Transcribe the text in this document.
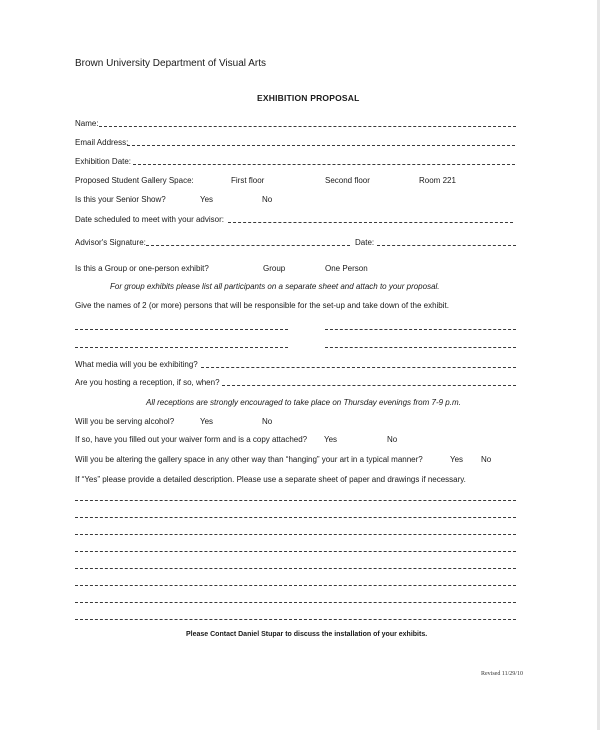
Brown University Department of Visual Arts
EXHIBITION PROPOSAL
Name:
Email Address:
Exhibition Date:
Proposed Student Gallery Space:	First floor	Second floor	Room 221
Is this your Senior Show?	Yes	No
Date scheduled to meet with your advisor:
Advisor's Signature:	Date:
Is this a Group or one-person exhibit?	Group	One Person
For group exhibits please list all participants on a separate sheet and attach to your proposal.
Give the names of 2 (or more) persons that will be responsible for the set-up and take down of the exhibit.
What media will you be exhibiting?
Are you hosting a reception, if so, when?
All receptions are strongly encouraged to take place on Thursday evenings from 7-9 p.m.
Will you be serving alcohol?	Yes	No
If so, have you filled out your waiver form and is a copy attached? Yes	No
Will you be altering the gallery space in any other way than “hanging” your art in a typical manner?	Yes No
If “Yes” please provide a detailed description. Please use a separate sheet of paper and drawings if necessary.
Please Contact Daniel Stupar to discuss the installation of your exhibits.
Revised 11/29/10
